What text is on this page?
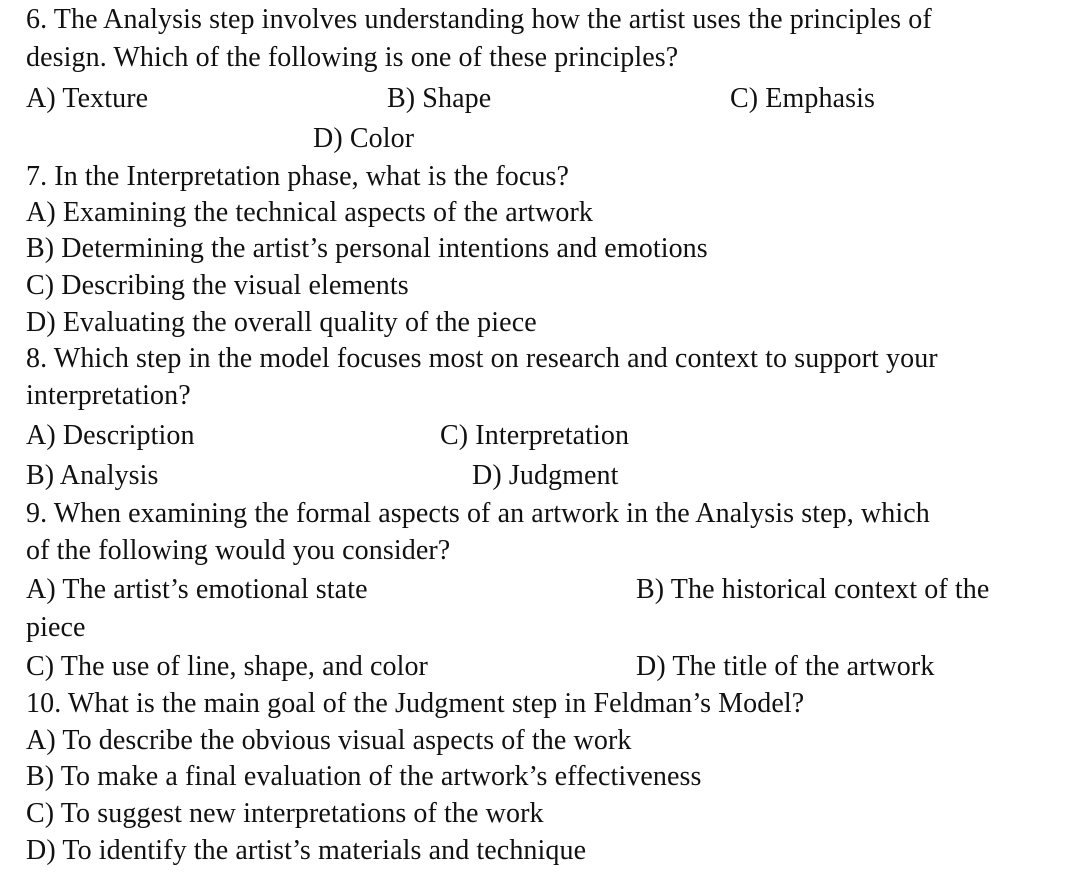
6. The Analysis step involves understanding how the artist uses the principles of
design. Which of the following is one of these principles?
A) Texture	B) Shape	C) Emphasis
D) Color
7. In the Interpretation phase, what is the focus?
A) Examining the technical aspects of the artwork
B) Determining the artist’s personal intentions and emotions
C) Describing the visual elements
D) Evaluating the overall quality of the piece
8. Which step in the model focuses most on research and context to support your
interpretation?
A) Description	C) Interpretation
B) Analysis	D) Judgment
9. When examining the formal aspects of an artwork in the Analysis step, which
of the following would you consider?
A) The artist’s emotional state	B) The historical context of the
piece
C) The use of line, shape, and color	D) The title of the artwork
10. What is the main goal of the Judgment step in Feldman’s Model?
A) To describe the obvious visual aspects of the work
B) To make a final evaluation of the artwork’s effectiveness
C) To suggest new interpretations of the work
D) To identify the artist’s materials and technique
